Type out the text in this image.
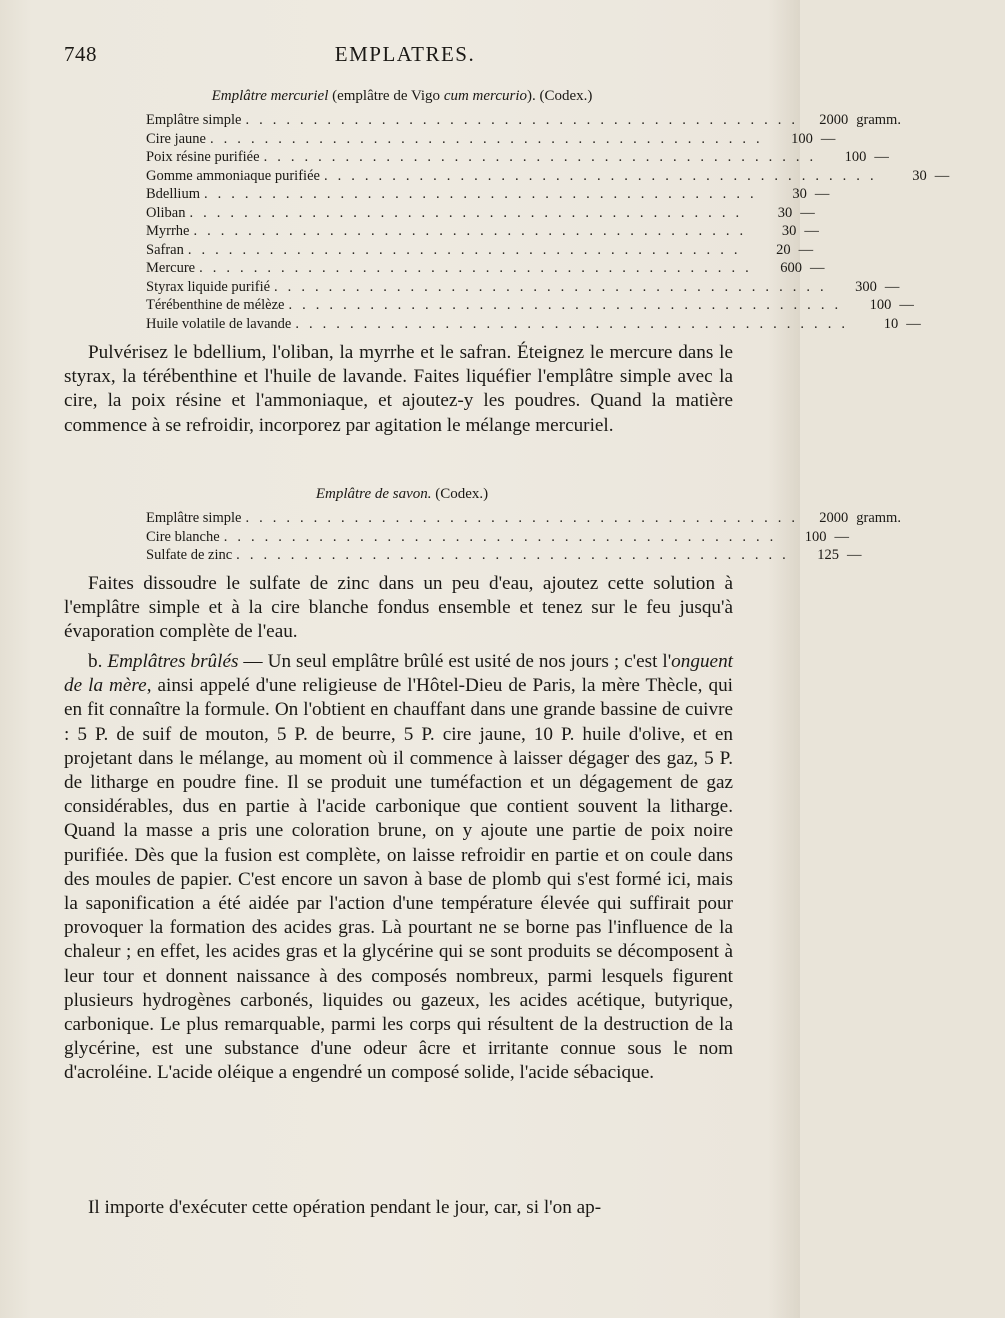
748	EMPLATRES.
Emplâtre mercuriel (emplâtre de Vigo cum mercurio). (Codex.)
Emplâtre simple . . . . . . . . . . . . . . . . . . . . . . . . . . . . . . . . . . . . . . . . .	2000 gramm.
Cire jaune . . . . . . . . . . . . . . . . . . . . . . . . . . . . . . . . . . . . . . . . .	100 —
Poix résine purifiée . . . . . . . . . . . . . . . . . . . . . . . . . . . . . . . . . . . . . . . . .	100 —
Gomme ammoniaque purifiée . . . . . . . . . . . . . . . . . . . . . . . . . . . . . . . . . . . . . . . . .	30 —
Bdellium . . . . . . . . . . . . . . . . . . . . . . . . . . . . . . . . . . . . . . . . .	30 —
Oliban . . . . . . . . . . . . . . . . . . . . . . . . . . . . . . . . . . . . . . . . .	30 —
Myrrhe . . . . . . . . . . . . . . . . . . . . . . . . . . . . . . . . . . . . . . . . .	30 —
Safran . . . . . . . . . . . . . . . . . . . . . . . . . . . . . . . . . . . . . . . . .	20 —
Mercure . . . . . . . . . . . . . . . . . . . . . . . . . . . . . . . . . . . . . . . . .	600 —
Styrax liquide purifié . . . . . . . . . . . . . . . . . . . . . . . . . . . . . . . . . . . . . . . . .	300 —
Térébenthine de mélèze . . . . . . . . . . . . . . . . . . . . . . . . . . . . . . . . . . . . . . . . .	100 —
Huile volatile de lavande . . . . . . . . . . . . . . . . . . . . . . . . . . . . . . . . . . . . . . . . .	10 —

Pulvérisez le bdellium, l'oliban, la myrrhe et le safran. Éteignez le mercure dans le styrax, la térébenthine et l'huile de lavande. Faites liquéfier l'emplâtre simple avec la cire, la poix résine et l'ammoniaque, et ajoutez-y les poudres. Quand la matière commence à se refroidir, incorporez par agitation le mélange mercuriel.

Emplâtre de savon. (Codex.)
Emplâtre simple . . . . . . . . . . . . . . . . . . . . . . . . . . . . . . . . . . . . . . . . .	2000 gramm.
Cire blanche . . . . . . . . . . . . . . . . . . . . . . . . . . . . . . . . . . . . . . . . .	100 —
Sulfate de zinc . . . . . . . . . . . . . . . . . . . . . . . . . . . . . . . . . . . . . . . . .	125 —

Faites dissoudre le sulfate de zinc dans un peu d'eau, ajoutez cette solution à l'emplâtre simple et à la cire blanche fondus ensemble et tenez sur le feu jusqu'à évaporation complète de l'eau.

b. Emplâtres brûlés — Un seul emplâtre brûlé est usité de nos jours ; c'est l'onguent de la mère, ainsi appelé d'une religieuse de l'Hôtel-Dieu de Paris, la mère Thècle, qui en fit connaître la formule. On l'obtient en chauffant dans une grande bassine de cuivre : 5 P. de suif de mouton, 5 P. de beurre, 5 P. cire jaune, 10 P. huile d'olive, et en projetant dans le mélange, au moment où il commence à laisser dégager des gaz, 5 P. de litharge en poudre fine. Il se produit une tuméfaction et un dégagement de gaz considérables, dus en partie à l'acide carbonique que contient souvent la litharge. Quand la masse a pris une coloration brune, on y ajoute une partie de poix noire purifiée. Dès que la fusion est complète, on laisse refroidir en partie et on coule dans des moules de papier. C'est encore un savon à base de plomb qui s'est formé ici, mais la saponification a été aidée par l'action d'une température élevée qui suffirait pour provoquer la formation des acides gras. Là pourtant ne se borne pas l'influence de la chaleur ; en effet, les acides gras et la glycérine qui se sont produits se décomposent à leur tour et donnent naissance à des composés nombreux, parmi lesquels figurent plusieurs hydrogènes carbonés, liquides ou gazeux, les acides acétique, butyrique, carbonique. Le plus remarquable, parmi les corps qui résultent de la destruction de la glycérine, est une substance d'une odeur âcre et irritante connue sous le nom d'acroléine. L'acide oléique a engendré un composé solide, l'acide sébacique.

Il importe d'exécuter cette opération pendant le jour, car, si l'on ap-
